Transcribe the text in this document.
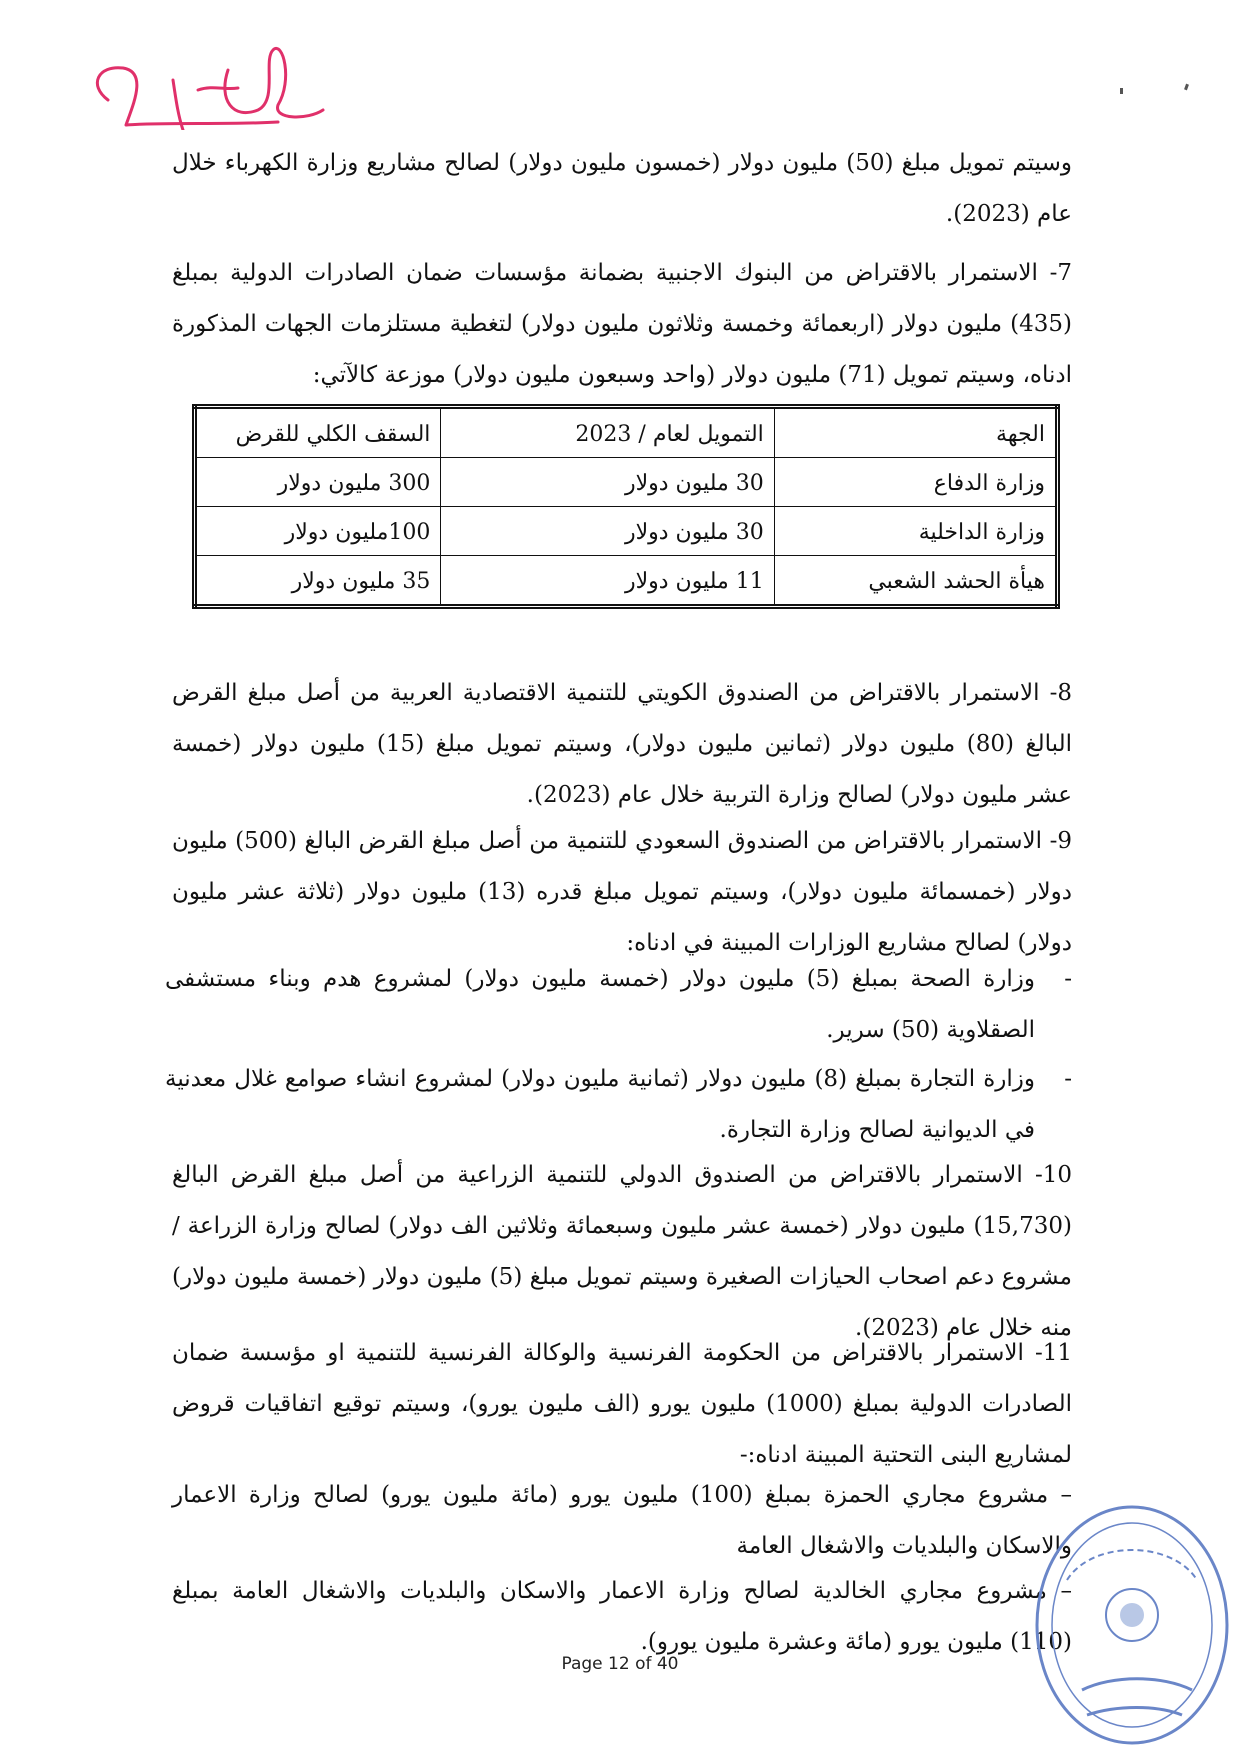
وسيتم تمويل مبلغ (50) مليون دولار (خمسون مليون دولار) لصالح مشاريع وزارة الكهرباء خلال عام (2023).

7- الاستمرار بالاقتراض من البنوك الاجنبية بضمانة مؤسسات ضمان الصادرات الدولية بمبلغ (435) مليون دولار (اربعمائة وخمسة وثلاثون مليون دولار) لتغطية مستلزمات الجهات المذكورة ادناه، وسيتم تمويل (71) مليون دولار (واحد وسبعون مليون دولار) موزعة كالآتي:

الجهة	التمويل لعام / 2023	السقف الكلي للقرض
وزارة الدفاع	30 مليون دولار	300 مليون دولار
وزارة الداخلية	30 مليون دولار	100مليون دولار
هيأة الحشد الشعبي	11 مليون دولار	35 مليون دولار

8- الاستمرار بالاقتراض من الصندوق الكويتي للتنمية الاقتصادية العربية من أصل مبلغ القرض البالغ (80) مليون دولار (ثمانين مليون دولار)، وسيتم تمويل مبلغ (15) مليون دولار (خمسة عشر مليون دولار) لصالح وزارة التربية خلال عام (2023).

9- الاستمرار بالاقتراض من الصندوق السعودي للتنمية من أصل مبلغ القرض البالغ (500) مليون دولار (خمسمائة مليون دولار)، وسيتم تمويل مبلغ قدره (13) مليون دولار (ثلاثة عشر مليون دولار) لصالح مشاريع الوزارات المبينة في ادناه:

-

وزارة الصحة بمبلغ (5) مليون دولار (خمسة مليون دولار) لمشروع هدم وبناء مستشفى الصقلاوية (50) سرير.

-

وزارة التجارة بمبلغ (8) مليون دولار (ثمانية مليون دولار) لمشروع انشاء صوامع غلال معدنية في الديوانية لصالح وزارة التجارة.

10- الاستمرار بالاقتراض من الصندوق الدولي للتنمية الزراعية من أصل مبلغ القرض البالغ (15,730) مليون دولار (خمسة عشر مليون وسبعمائة وثلاثين الف دولار) لصالح وزارة الزراعة / مشروع دعم اصحاب الحيازات الصغيرة وسيتم تمويل مبلغ (5) مليون دولار (خمسة مليون دولار) منه خلال عام (2023).

11- الاستمرار بالاقتراض من الحكومة الفرنسية والوكالة الفرنسية للتنمية او مؤسسة ضمان الصادرات الدولية بمبلغ (1000) مليون يورو (الف مليون يورو)، وسيتم توقيع اتفاقيات قروض لمشاريع البنى التحتية المبينة ادناه:-

– مشروع مجاري الحمزة بمبلغ (100) مليون يورو (مائة مليون يورو) لصالح وزارة الاعمار والاسكان والبلديات والاشغال العامة

– مشروع مجاري الخالدية لصالح وزارة الاعمار والاسكان والبلديات والاشغال العامة بمبلغ (110) مليون يورو (مائة وعشرة مليون يورو).

Page 12 of 40
